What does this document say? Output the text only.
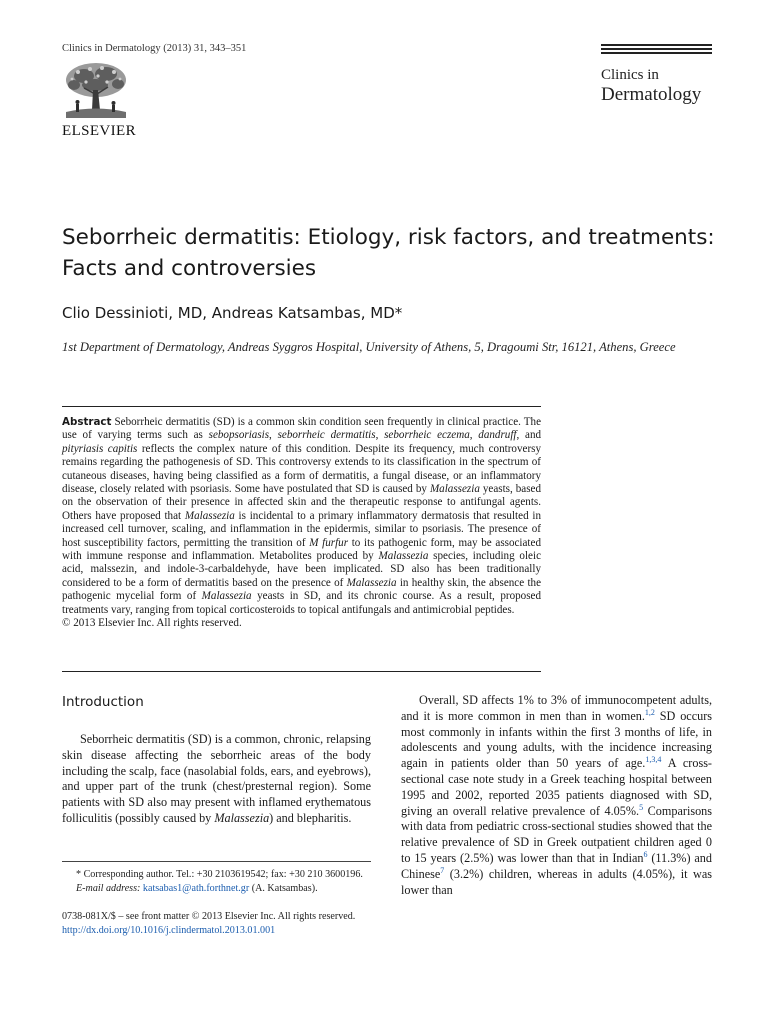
Clinics in Dermatology (2013) 31, 343–351
ELSEVIER
Clinics in
Dermatology
Seborrheic dermatitis: Etiology, risk factors, and treatments:
Facts and controversies
Clio Dessinioti, MD, Andreas Katsambas, MD*
1st Department of Dermatology, Andreas Syggros Hospital, University of Athens, 5, Dragoumi Str, 16121, Athens, Greece
Abstract Seborrheic dermatitis (SD) is a common skin condition seen frequently in clinical practice. The use of varying terms such as sebopsoriasis, seborrheic dermatitis, seborrheic eczema, dandruff, and pityriasis capitis reflects the complex nature of this condition. Despite its frequency, much controversy remains regarding the pathogenesis of SD. This controversy extends to its classification in the spectrum of cutaneous diseases, having being classified as a form of dermatitis, a fungal disease, or an inflammatory disease, closely related with psoriasis. Some have postulated that SD is caused by Malassezia yeasts, based on the observation of their presence in affected skin and the therapeutic response to antifungal agents. Others have proposed that Malassezia is incidental to a primary inflammatory dermatosis that resulted in increased cell turnover, scaling, and inflammation in the epidermis, similar to psoriasis. The presence of host susceptibility factors, permitting the transition of M furfur to its pathogenic form, may be associated with immune response and inflammation. Metabolites produced by Malassezia species, including oleic acid, malssezin, and indole-3-carbaldehyde, have been implicated. SD also has been traditionally considered to be a form of dermatitis based on the presence of Malassezia in healthy skin, the absence the pathogenic mycelial form of Malassezia yeasts in SD, and its chronic course. As a result, proposed treatments vary, ranging from topical corticosteroids to topical antifungals and antimicrobial peptides.
© 2013 Elsevier Inc. All rights reserved.
Introduction
Seborrheic dermatitis (SD) is a common, chronic, relapsing skin disease affecting the seborrheic areas of the body including the scalp, face (nasolabial folds, ears, and eyebrows), and upper part of the trunk (chest/presternal region). Some patients with SD also may present with inflamed erythematous folliculitis (possibly caused by Malassezia) and blepharitis.
* Corresponding author. Tel.: +30 2103619542; fax: +30 210 3600196.
E-mail address: katsabas1@ath.forthnet.gr (A. Katsambas).
0738-081X/$ – see front matter © 2013 Elsevier Inc. All rights reserved.
http://dx.doi.org/10.1016/j.clindermatol.2013.01.001
Overall, SD affects 1% to 3% of immunocompetent adults, and it is more common in men than in women.$^{1,2}$ SD occurs most commonly in infants within the first 3 months of life, in adolescents and young adults, with the incidence increasing again in patients older than 50 years of age.$^{1,3,4}$ A cross-sectional case note study in a Greek teaching hospital between 1995 and 2002, reported 2035 patients diagnosed with SD, giving an overall relative prevalence of 4.05%.$^5$ Comparisons with data from pediatric cross-sectional studies showed that the relative prevalence of SD in Greek outpatient children aged 0 to 15 years (2.5%) was lower than that in Indian$^6$ (11.3%) and Chinese$^7$ (3.2%) children, whereas in adults (4.05%), it was lower than
